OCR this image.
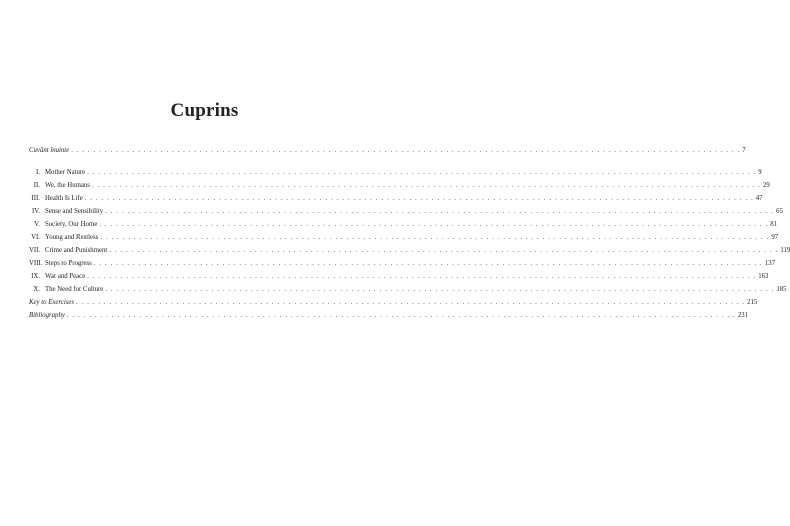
Cuprins
Cuvânt înainte . . . . . . . . . . . . . . . . . . . . . . . . . . . . . . . . . . . . . . . . . . . . . . . . . . . . . . . . . . . . . . . . . . . . . . . . . . . . . . . . . . . . . . . . . . . . . . . . . . . . . . . . . . . . . . . . . . . . . . . . 7
I. Mother Nature . . . . . . . . . . . . . . . . . . . . . . . . . . . . . . . . . . . . . . . . . . . . . . . . . . . . . . . . . . . . . . . . . . . . . . . . . . . . . . . . . . . . . . . . . . . . . . . . . . . . . . . . . . . . . . . . . . . . . . . . 9
II. We, the Humans . . . . . . . . . . . . . . . . . . . . . . . . . . . . . . . . . . . . . . . . . . . . . . . . . . . . . . . . . . . . . . . . . . . . . . . . . . . . . . . . . . . . . . . . . . . . . . . . . . . . . . . . . . . . . . . . . . . . . . . . 29
III. Health Is Life . . . . . . . . . . . . . . . . . . . . . . . . . . . . . . . . . . . . . . . . . . . . . . . . . . . . . . . . . . . . . . . . . . . . . . . . . . . . . . . . . . . . . . . . . . . . . . . . . . . . . . . . . . . . . . . . . . . . . . . . 47
IV. Sense and Sensibility . . . . . . . . . . . . . . . . . . . . . . . . . . . . . . . . . . . . . . . . . . . . . . . . . . . . . . . . . . . . . . . . . . . . . . . . . . . . . . . . . . . . . . . . . . . . . . . . . . . . . . . . . . . . . . . . . . . . . . . . 65
V. Society, Our Home . . . . . . . . . . . . . . . . . . . . . . . . . . . . . . . . . . . . . . . . . . . . . . . . . . . . . . . . . . . . . . . . . . . . . . . . . . . . . . . . . . . . . . . . . . . . . . . . . . . . . . . . . . . . . . . . . . . . . . . . 81
VI. Young and Restless . . . . . . . . . . . . . . . . . . . . . . . . . . . . . . . . . . . . . . . . . . . . . . . . . . . . . . . . . . . . . . . . . . . . . . . . . . . . . . . . . . . . . . . . . . . . . . . . . . . . . . . . . . . . . . . . . . . . . . . . 97
VII. Crime and Punishment . . . . . . . . . . . . . . . . . . . . . . . . . . . . . . . . . . . . . . . . . . . . . . . . . . . . . . . . . . . . . . . . . . . . . . . . . . . . . . . . . . . . . . . . . . . . . . . . . . . . . . . . . . . . . . . . . . . . . . . . 119
VIII. Steps to Progress . . . . . . . . . . . . . . . . . . . . . . . . . . . . . . . . . . . . . . . . . . . . . . . . . . . . . . . . . . . . . . . . . . . . . . . . . . . . . . . . . . . . . . . . . . . . . . . . . . . . . . . . . . . . . . . . . . . . . . . . 137
IX. War and Peace . . . . . . . . . . . . . . . . . . . . . . . . . . . . . . . . . . . . . . . . . . . . . . . . . . . . . . . . . . . . . . . . . . . . . . . . . . . . . . . . . . . . . . . . . . . . . . . . . . . . . . . . . . . . . . . . . . . . . . . . 163
X. The Need for Culture . . . . . . . . . . . . . . . . . . . . . . . . . . . . . . . . . . . . . . . . . . . . . . . . . . . . . . . . . . . . . . . . . . . . . . . . . . . . . . . . . . . . . . . . . . . . . . . . . . . . . . . . . . . . . . . . . . . . . . . . 185
Key to Exercises . . . . . . . . . . . . . . . . . . . . . . . . . . . . . . . . . . . . . . . . . . . . . . . . . . . . . . . . . . . . . . . . . . . . . . . . . . . . . . . . . . . . . . . . . . . . . . . . . . . . . . . . . . . . . . . . . . . . . . . . 215
Bibliography . . . . . . . . . . . . . . . . . . . . . . . . . . . . . . . . . . . . . . . . . . . . . . . . . . . . . . . . . . . . . . . . . . . . . . . . . . . . . . . . . . . . . . . . . . . . . . . . . . . . . . . . . . . . . . . . . . . . . . . . 231
